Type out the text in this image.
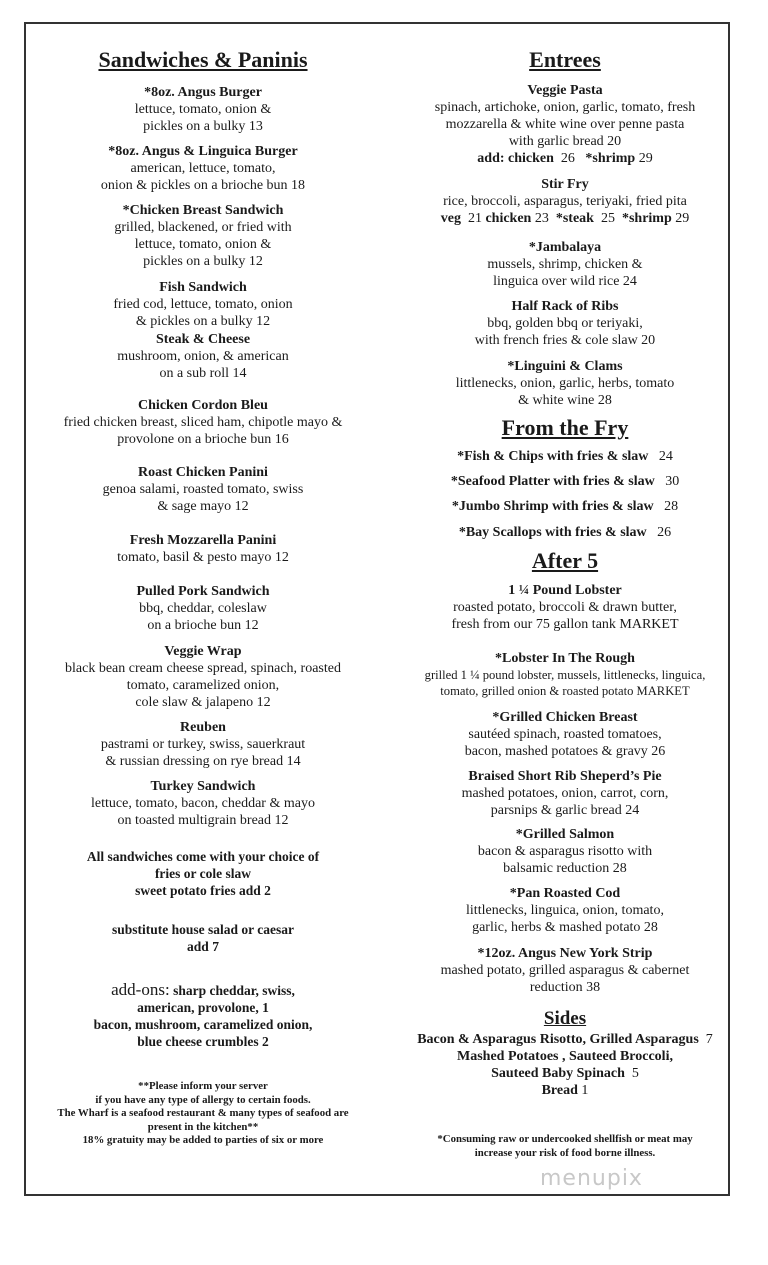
Sandwiches & Paninis
*8oz. Angus Burger
lettuce, tomato, onion &
pickles on a bulky 13
*8oz. Angus & Linguica Burger
american, lettuce, tomato,
onion & pickles on a brioche bun 18
*Chicken Breast Sandwich
grilled, blackened, or fried with
lettuce, tomato, onion &
pickles on a bulky 12
Fish Sandwich
fried cod, lettuce, tomato, onion
& pickles on a bulky 12
Steak & Cheese
mushroom, onion, & american
on a sub roll 14
Chicken Cordon Bleu
fried chicken breast, sliced ham, chipotle mayo &
provolone on a brioche bun 16
Roast Chicken Panini
genoa salami, roasted tomato, swiss
& sage mayo 12
Fresh Mozzarella Panini
tomato, basil & pesto mayo 12
Pulled Pork Sandwich
bbq, cheddar, coleslaw
on a brioche bun 12
Veggie Wrap
black bean cream cheese spread, spinach, roasted
tomato, caramelized onion,
cole slaw & jalapeno 12
Reuben
pastrami or turkey, swiss, sauerkraut
& russian dressing on rye bread 14
Turkey Sandwich
lettuce, tomato, bacon, cheddar & mayo
on toasted multigrain bread 12
All sandwiches come with your choice of
fries or cole slaw
sweet potato fries add 2
substitute house salad or caesar
add 7
add-ons: sharp cheddar, swiss,
american, provolone, 1
bacon, mushroom, caramelized onion,
blue cheese crumbles 2
**Please inform your server
if you have any type of allergy to certain foods.
The Wharf is a seafood restaurant & many types of seafood are
present in the kitchen**
18% gratuity may be added to parties of six or more
Entrees
Veggie Pasta
spinach, artichoke, onion, garlic, tomato, fresh
mozzarella & white wine over penne pasta
with garlic bread 20
add: chicken  26   *shrimp 29
Stir Fry
rice, broccoli, asparagus, teriyaki, fried pita
veg  21 chicken 23  *steak  25  *shrimp 29
*Jambalaya
mussels, shrimp, chicken &
linguica over wild rice 24
Half Rack of Ribs
bbq, golden bbq or teriyaki,
with french fries & cole slaw 20
*Linguini & Clams
littlenecks, onion, garlic, herbs, tomato
& white wine 28
From the Fry
*Fish & Chips with fries & slaw   24
*Seafood Platter with fries & slaw   30
*Jumbo Shrimp with fries & slaw   28
*Bay Scallops with fries & slaw   26
After 5
1 ¼ Pound Lobster
roasted potato, broccoli & drawn butter,
fresh from our 75 gallon tank MARKET
*Lobster In The Rough
grilled 1 ¼ pound lobster, mussels, littlenecks, linguica,
tomato, grilled onion & roasted potato MARKET
*Grilled Chicken Breast
sautéed spinach, roasted tomatoes,
bacon, mashed potatoes & gravy 26
Braised Short Rib Sheperd’s Pie
mashed potatoes, onion, carrot, corn,
parsnips & garlic bread 24
*Grilled Salmon
bacon & asparagus risotto with
balsamic reduction 28
*Pan Roasted Cod
littlenecks, linguica, onion, tomato,
garlic, herbs & mashed potato 28
*12oz. Angus New York Strip
mashed potato, grilled asparagus & cabernet
reduction 38
Sides
Bacon & Asparagus Risotto, Grilled Asparagus  7
Mashed Potatoes , Sauteed Broccoli,
Sauteed Baby Spinach  5
Bread 1
*Consuming raw or undercooked shellfish or meat may
increase your risk of food borne illness.
menupix
